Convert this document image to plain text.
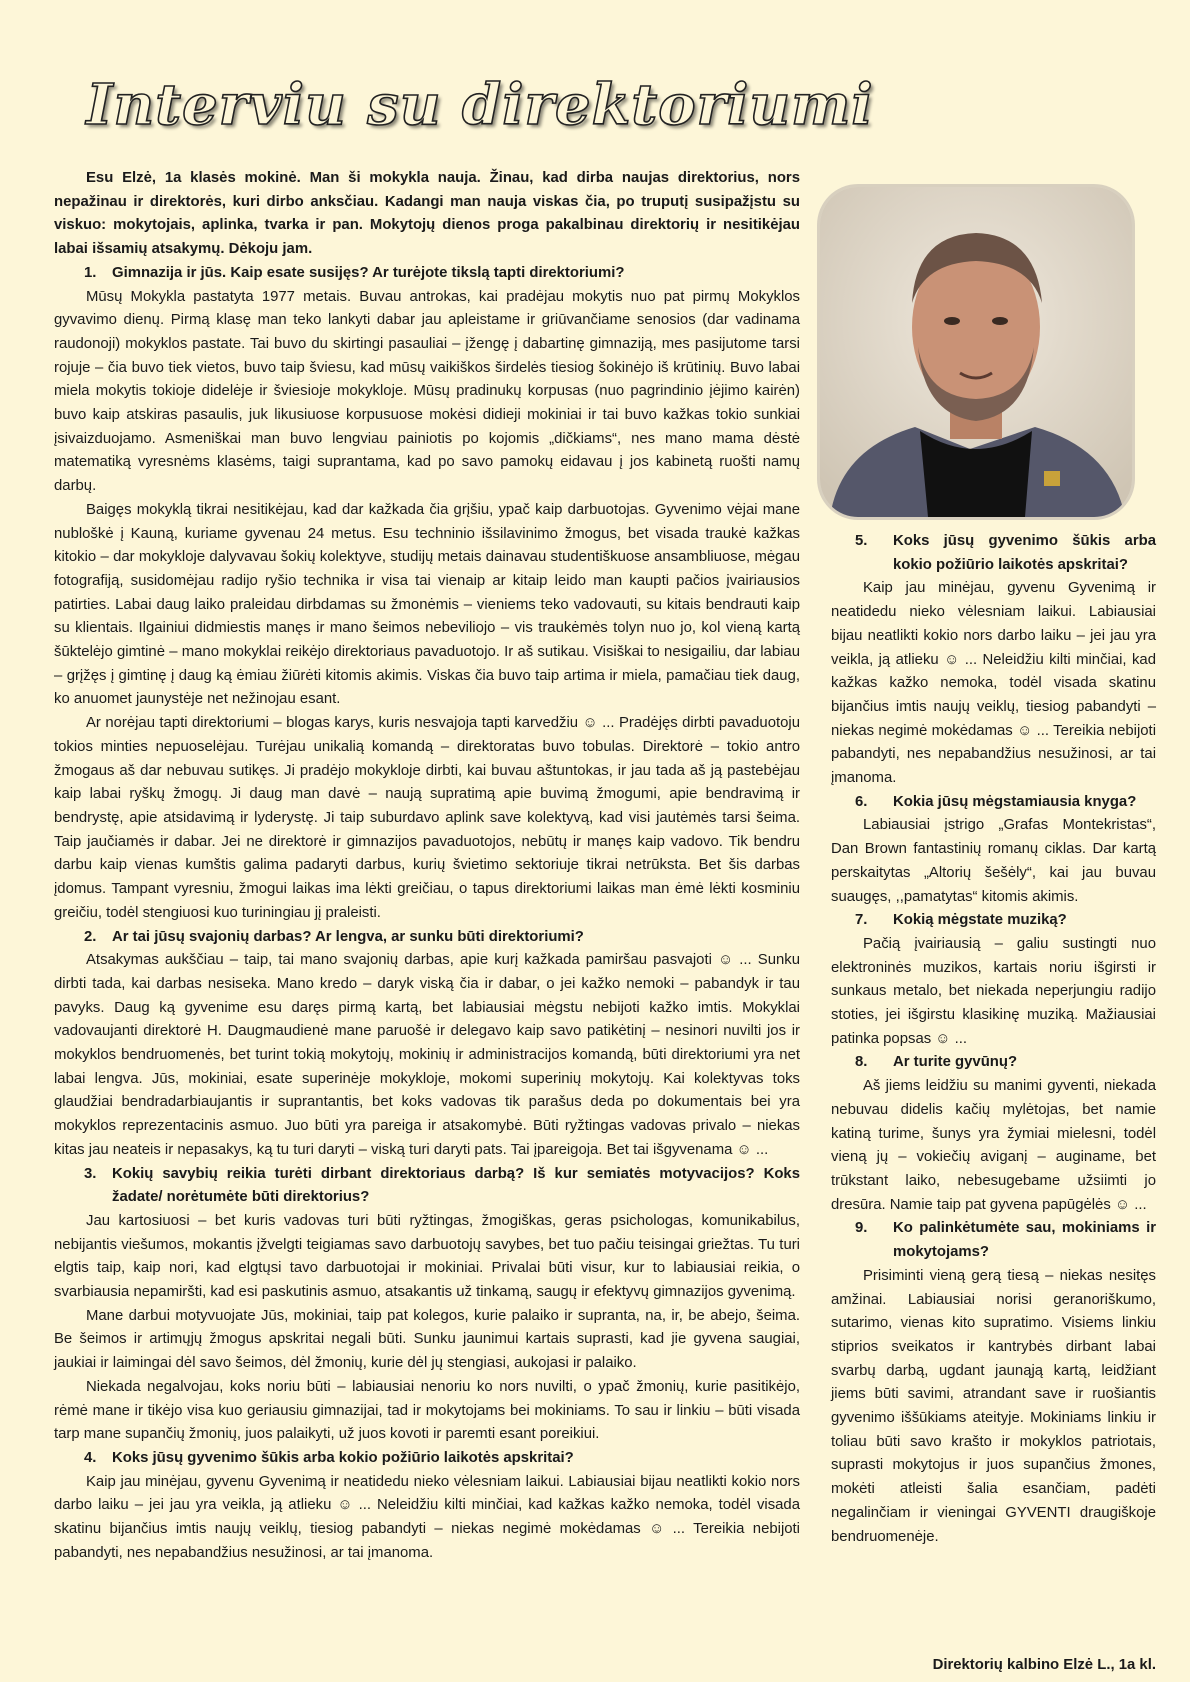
Interviu su direktoriumi

Esu Elzė, 1a klasės mokinė. Man ši mokykla nauja. Žinau, kad dirba naujas direktorius, nors nepažinau ir direktorės, kuri dirbo anksčiau. Kadangi man nauja viskas čia, po truputį susipažįstu su viskuo: mokytojais, aplinka, tvarka ir pan. Mokytojų dienos proga pakalbinau direktorių ir nesitikėjau labai išsamių atsakymų. Dėkoju jam.

1.	Gimnazija ir jūs. Kaip esate susijęs? Ar turėjote tikslą tapti direktoriumi?

Mūsų Mokykla pastatyta 1977 metais. Buvau antrokas, kai pradėjau mokytis nuo pat pirmų Mokyklos gyvavimo dienų. Pirmą klasę man teko lankyti dabar jau apleistame ir griūvančiame senosios (dar vadinama raudonoji) mokyklos pastate. Tai buvo du skirtingi pasauliai – įžengę į dabartinę gimnaziją, mes pasijutome tarsi rojuje – čia buvo tiek vietos, buvo taip šviesu, kad mūsų vaikiškos širdelės tiesiog šokinėjo iš krūtinių. Buvo labai miela mokytis tokioje didelėje ir šviesioje mokykloje. Mūsų pradinukų korpusas (nuo pagrindinio įėjimo kairėn) buvo kaip atskiras pasaulis, juk likusiuose korpusuose mokėsi didieji mokiniai ir tai buvo kažkas tokio sunkiai įsivaizduojamo. Asmeniškai man buvo lengviau painiotis po kojomis „dičkiams“, nes mano mama dėstė matematiką vyresnėms klasėms, taigi suprantama, kad po savo pamokų eidavau į jos kabinetą ruošti namų darbų.

Baigęs mokyklą tikrai nesitikėjau, kad dar kažkada čia grįšiu, ypač kaip darbuotojas. Gyvenimo vėjai mane nubloškė į Kauną, kuriame gyvenau 24 metus. Esu techninio išsilavinimo žmogus, bet visada traukė kažkas kitokio – dar mokykloje dalyvavau šokių kolektyve, studijų metais dainavau studentiškuose ansambliuose, mėgau fotografiją, susidomėjau radijo ryšio technika ir visa tai vienaip ar kitaip leido man kaupti pačios įvairiausios patirties. Labai daug laiko praleidau dirbdamas su žmonėmis – vieniems teko vadovauti, su kitais bendrauti kaip su klientais. Ilgainiui didmiestis manęs ir mano šeimos nebeviliojo – vis traukėmės tolyn nuo jo, kol vieną kartą šūktelėjo gimtinė – mano mokyklai reikėjo direktoriaus pavaduotojo. Ir aš sutikau. Visiškai to nesigailiu, dar labiau – grįžęs į gimtinę į daug ką ėmiau žiūrėti kitomis akimis. Viskas čia buvo taip artima ir miela, pamačiau tiek daug, ko anuomet jaunystėje net nežinojau esant.

Ar norėjau tapti direktoriumi – blogas karys, kuris nesvajoja tapti karvedžiu ☺ ... Pradėjęs dirbti pavaduotoju tokios minties nepuoselėjau. Turėjau unikalią komandą – direktoratas buvo tobulas. Direktorė – tokio antro žmogaus aš dar nebuvau sutikęs. Ji pradėjo mokykloje dirbti, kai buvau aštuntokas, ir jau tada aš ją pastebėjau kaip labai ryškų žmogų. Ji daug man davė – naują supratimą apie buvimą žmogumi, apie bendravimą ir bendrystę, apie atsidavimą ir lyderystę. Ji taip suburdavo aplink save kolektyvą, kad visi jautėmės tarsi šeima. Taip jaučiamės ir dabar. Jei ne direktorė ir gimnazijos pavaduotojos, nebūtų ir manęs kaip vadovo. Tik bendru darbu kaip vienas kumštis galima padaryti darbus, kurių švietimo sektoriuje tikrai netrūksta. Bet šis darbas įdomus. Tampant vyresniu, žmogui laikas ima lėkti greičiau, o tapus direktoriumi laikas man ėmė lėkti kosminiu greičiu, todėl stengiuosi kuo turiningiau jį praleisti.

2.	Ar tai jūsų svajonių darbas? Ar lengva, ar sunku būti direktoriumi?

Atsakymas aukščiau – taip, tai mano svajonių darbas, apie kurį kažkada pamiršau pasvajoti ☺ ... Sunku dirbti tada, kai darbas nesiseka. Mano kredo – daryk viską čia ir dabar, o jei kažko nemoki – pabandyk ir tau pavyks. Daug ką gyvenime esu daręs pirmą kartą, bet labiausiai mėgstu nebijoti kažko imtis. Mokyklai vadovaujanti direktorė H. Daugmaudienė mane paruošė ir delegavo kaip savo patikėtinį – nesinori nuvilti jos ir mokyklos bendruomenės, bet turint tokią mokytojų, mokinių ir administracijos komandą, būti direktoriumi yra net labai lengva. Jūs, mokiniai, esate superinėje mokykloje, mokomi superinių mokytojų. Kai kolektyvas toks glaudžiai bendradarbiaujantis ir suprantantis, bet koks vadovas tik parašus deda po dokumentais bei yra mokyklos reprezentacinis asmuo. Juo būti yra pareiga ir atsakomybė. Būti ryžtingas vadovas privalo – niekas kitas jau neateis ir nepasakys, ką tu turi daryti – viską turi daryti pats. Tai įpareigoja. Bet tai išgyvenama ☺ ...

3.	Kokių savybių reikia turėti dirbant direktoriaus darbą? Iš kur semiatės motyvacijos? Koks žadate/ norėtumėte būti direktorius?

Jau kartosiuosi – bet kuris vadovas turi būti ryžtingas, žmogiškas, geras psichologas, komunikabilus, nebijantis viešumos, mokantis įžvelgti teigiamas savo darbuotojų savybes, bet tuo pačiu teisingai griežtas. Tu turi elgtis taip, kaip nori, kad elgtųsi tavo darbuotojai ir mokiniai. Privalai būti visur, kur to labiausiai reikia, o svarbiausia nepamiršti, kad esi paskutinis asmuo, atsakantis už tinkamą, saugų ir efektyvų gimnazijos gyvenimą.

Mane darbui motyvuojate Jūs, mokiniai, taip pat kolegos, kurie palaiko ir supranta, na, ir, be abejo, šeima. Be šeimos ir artimųjų žmogus apskritai negali būti. Sunku jaunimui kartais suprasti, kad jie gyvena saugiai, jaukiai ir laimingai dėl savo šeimos, dėl žmonių, kurie dėl jų stengiasi, aukojasi ir palaiko.

Niekada negalvojau, koks noriu būti – labiausiai nenoriu ko nors nuvilti, o ypač žmonių, kurie pasitikėjo, rėmė mane ir tikėjo visa kuo geriausiu gimnazijai, tad ir mokytojams bei mokiniams. To sau ir linkiu – būti visada tarp mane supančių žmonių, juos palaikyti, už juos kovoti ir paremti esant poreikiui.

4.	Koks jūsų gyvenimo šūkis arba kokio požiūrio laikotės apskritai?

Kaip jau minėjau, gyvenu Gyvenimą ir neatidedu nieko vėlesniam laikui. Labiausiai bijau neatlikti kokio nors darbo laiku – jei jau yra veikla, ją atlieku ☺ ... Neleidžiu kilti minčiai, kad kažkas kažko nemoka, todėl visada skatinu bijančius imtis naujų veiklų, tiesiog pabandyti – niekas negimė mokėdamas ☺ ... Tereikia nebijoti pabandyti, nes nepabandžius nesužinosi, ar tai įmanoma.

5.	Koks jūsų gyvenimo šūkis arba kokio požiūrio laikotės apskritai?

Kaip jau minėjau, gyvenu Gyvenimą ir neatidedu nieko vėlesniam laikui. Labiausiai bijau neatlikti kokio nors darbo laiku – jei jau yra veikla, ją atlieku ☺ ... Neleidžiu kilti minčiai, kad kažkas kažko nemoka, todėl visada skatinu bijančius imtis naujų veiklų, tiesiog pabandyti – niekas negimė mokėdamas ☺ ... Tereikia nebijoti pabandyti, nes nepabandžius nesužinosi, ar tai įmanoma.

6.	Kokia jūsų mėgstamiausia knyga?

Labiausiai įstrigo „Grafas Montekristas“, Dan Brown fantastinių romanų ciklas. Dar kartą perskaitytas „Altorių šešėly“, kai jau buvau suaugęs, ,,pamatytas“ kitomis akimis.

7.	Kokią mėgstate muziką?

Pačią įvairiausią – galiu sustingti nuo elektroninės muzikos, kartais noriu išgirsti ir sunkaus metalo, bet niekada neperjungiu radijo stoties, jei išgirstu klasikinę muziką. Mažiausiai patinka popsas ☺ ...

8.	Ar turite gyvūnų?

Aš jiems leidžiu su manimi gyventi, niekada nebuvau didelis kačių mylėtojas, bet namie katiną turime, šunys yra žymiai mielesni, todėl vieną jų – vokiečių aviganį – auginame, bet trūkstant laiko, nebesugebame užsiimti jo dresūra. Namie taip pat gyvena papūgėlės ☺ ...

9.	Ko palinkėtumėte sau, mokiniams ir mokytojams?

Prisiminti vieną gerą tiesą – niekas nesitęs amžinai. Labiausiai norisi geranoriškumo, sutarimo, vienas kito supratimo. Visiems linkiu stiprios sveikatos ir kantrybės dirbant labai svarbų darbą, ugdant jaunąją kartą, leidžiant jiems būti savimi, atrandant save ir ruošiantis gyvenimo iššūkiams ateityje. Mokiniams linkiu ir toliau būti savo krašto ir mokyklos patriotais, suprasti mokytojus ir juos supančius žmones, mokėti atleisti šalia esančiam, padėti negalinčiam ir vieningai GYVENTI draugiškoje bendruomenėje.

Direktorių kalbino Elzė L., 1a kl.
